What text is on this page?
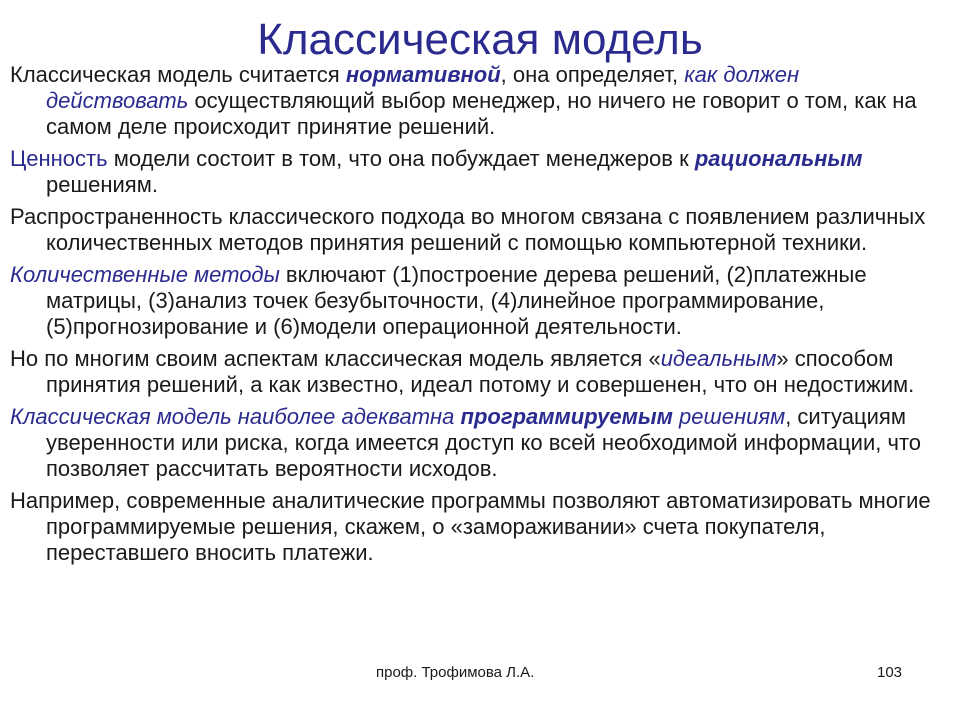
Классическая модель

Классическая модель считается нормативной, она определяет, как должен действовать осуществляющий выбор менеджер, но ничего не говорит о том, как на самом деле происходит принятие решений.

Ценность модели состоит в том, что она побуждает менеджеров к рациональным решениям.

Распространенность классического подхода во многом связана с появлением различных количественных методов принятия решений с помощью компьютерной техники.

Количественные методы включают (1)построение дерева решений, (2)платежные матрицы, (3)анализ точек безубыточности, (4)линейное программирование, (5)прогнозирование и (6)модели операционной деятельности.

Но по многим своим аспектам классическая модель является «идеальным» способом принятия решений, а как известно, идеал потому и совершенен, что он недостижим.

Классическая модель наиболее адекватна программируемым решениям, ситуациям уверенности или риска, когда имеется доступ ко всей необходимой информации, что позволяет рассчитать вероятности исходов.

Например, современные аналитические программы позволяют автоматизировать многие программируемые решения, скажем, о «замораживании» счета покупателя, переставшего вносить платежи.

проф. Трофимова Л.А.	103
